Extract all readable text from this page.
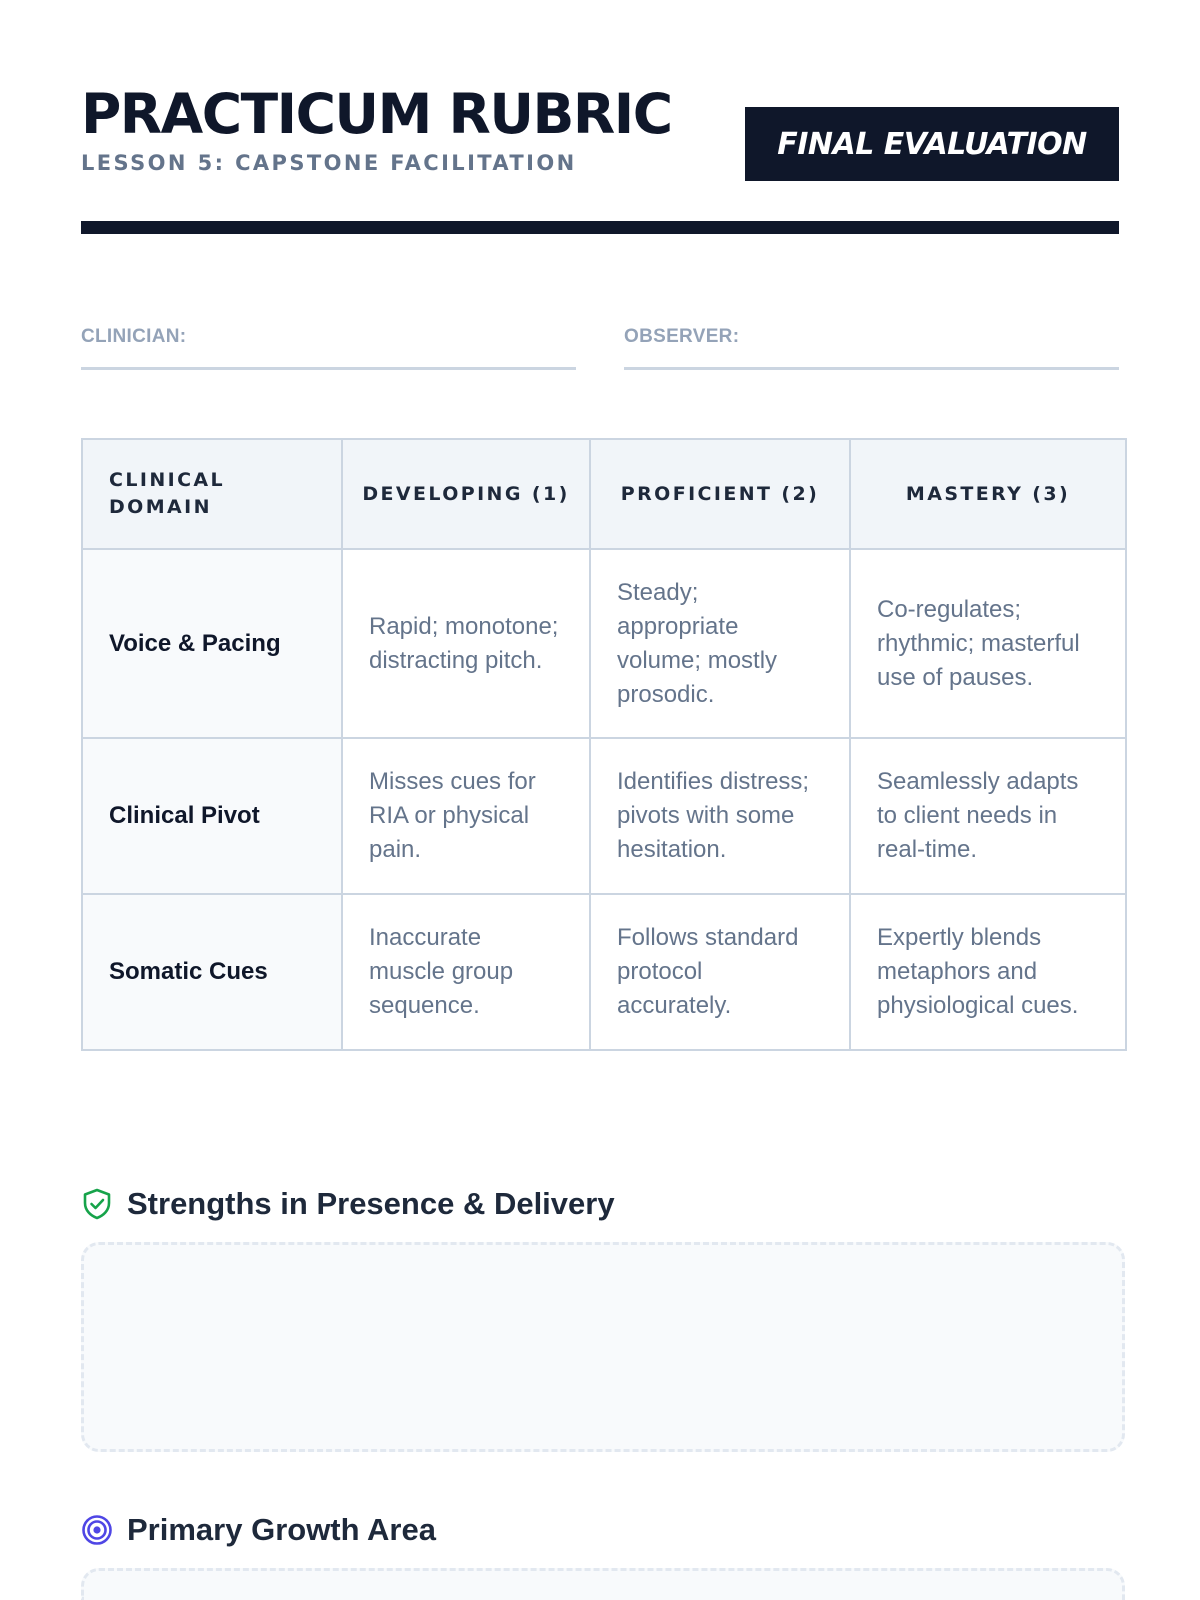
PRACTICUM RUBRIC
LESSON 5: CAPSTONE FACILITATION
FINAL EVALUATION
CLINICIAN:	OBSERVER:
CLINICAL DOMAIN	DEVELOPING (1)	PROFICIENT (2)	MASTERY (3)
Voice & Pacing	Rapid; monotone; distracting pitch.	Steady; appropriate volume; mostly prosodic.	Co-regulates; rhythmic; masterful use of pauses.
Clinical Pivot	Misses cues for RIA or physical pain.	Identifies distress; pivots with some hesitation.	Seamlessly adapts to client needs in real-time.
Somatic Cues	Inaccurate muscle group sequence.	Follows standard protocol accurately.	Expertly blends metaphors and physiological cues.
Strengths in Presence & Delivery
Primary Growth Area
